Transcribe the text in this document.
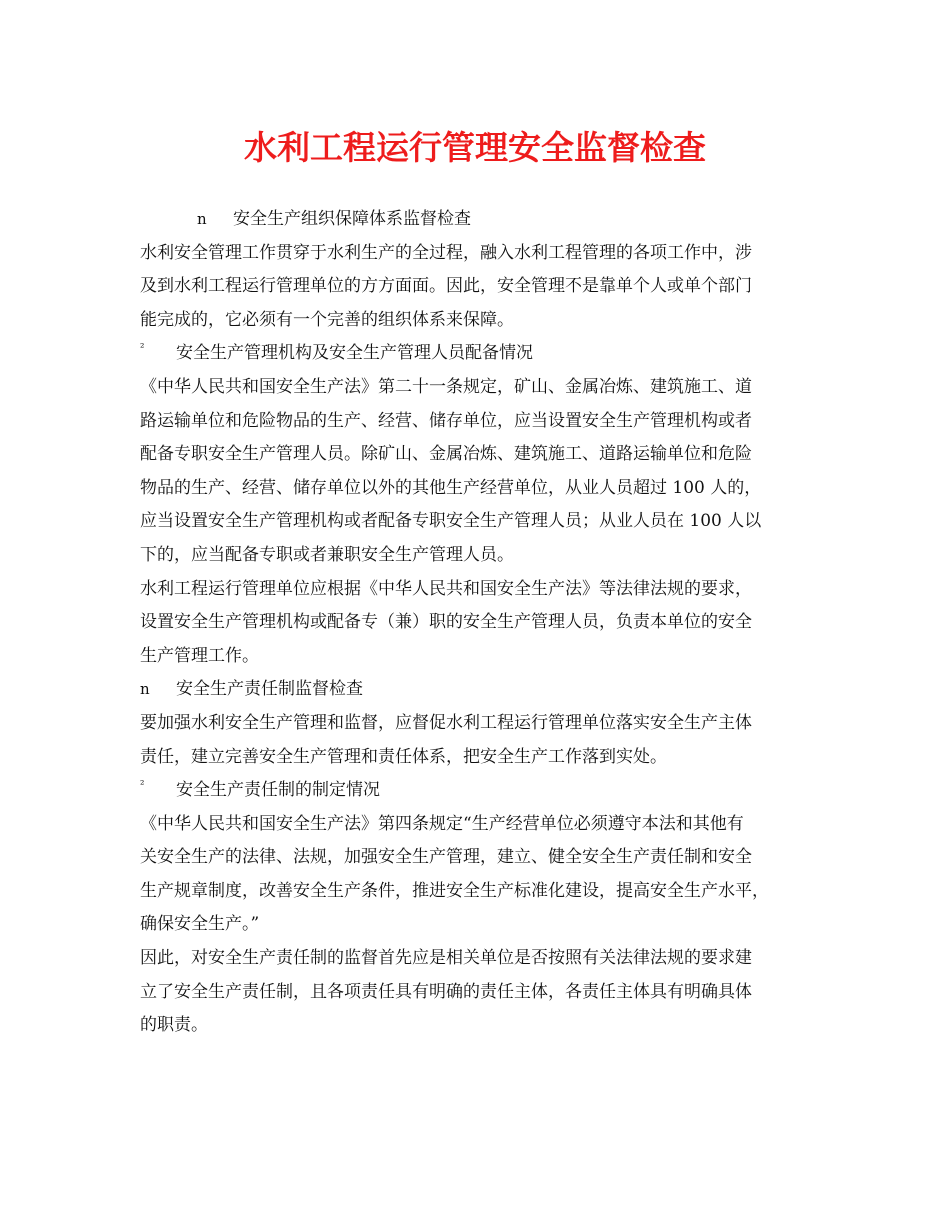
水利工程运行管理安全监督检查
n	安全生产组织保障体系监督检查
水利安全管理工作贯穿于水利生产的全过程，融入水利工程管理的各项工作中，涉
及到水利工程运行管理单位的方方面面。因此，安全管理不是靠单个人或单个部门
能完成的，它必须有一个完善的组织体系来保障。
²	安全生产管理机构及安全生产管理人员配备情况
《中华人民共和国安全生产法》第二十一条规定，矿山、金属冶炼、建筑施工、道
路运输单位和危险物品的生产、经营、储存单位，应当设置安全生产管理机构或者
配备专职安全生产管理人员。除矿山、金属冶炼、建筑施工、道路运输单位和危险
物品的生产、经营、储存单位以外的其他生产经营单位，从业人员超过 100 人的，
应当设置安全生产管理机构或者配备专职安全生产管理人员；从业人员在 100 人以
下的，应当配备专职或者兼职安全生产管理人员。
水利工程运行管理单位应根据《中华人民共和国安全生产法》等法律法规的要求，
设置安全生产管理机构或配备专（兼）职的安全生产管理人员，负责本单位的安全
生产管理工作。
n	安全生产责任制监督检查
要加强水利安全生产管理和监督，应督促水利工程运行管理单位落实安全生产主体
责任，建立完善安全生产管理和责任体系，把安全生产工作落到实处。
²	安全生产责任制的制定情况
《中华人民共和国安全生产法》第四条规定“生产经营单位必须遵守本法和其他有
关安全生产的法律、法规，加强安全生产管理，建立、健全安全生产责任制和安全
生产规章制度，改善安全生产条件，推进安全生产标准化建设，提高安全生产水平，
确保安全生产。”
因此，对安全生产责任制的监督首先应是相关单位是否按照有关法律法规的要求建
立了安全生产责任制，且各项责任具有明确的责任主体，各责任主体具有明确具体
的职责。
